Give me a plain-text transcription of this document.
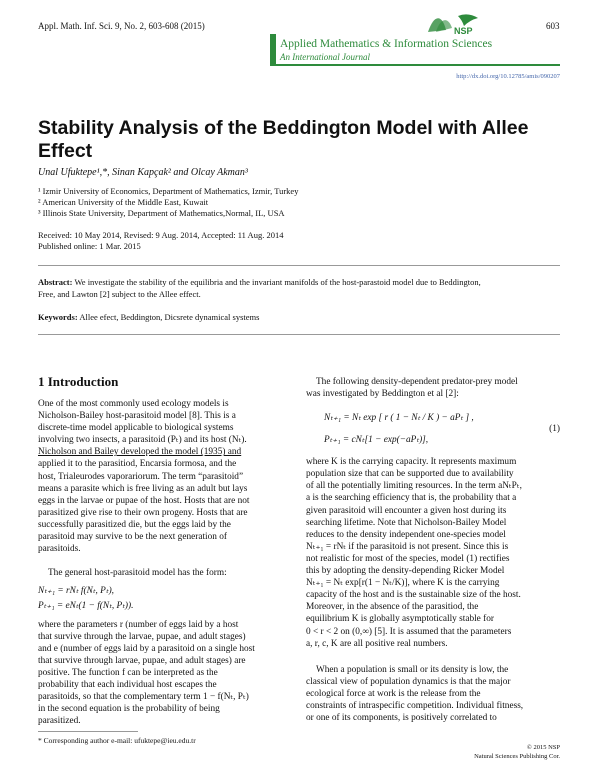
Appl. Math. Inf. Sci. 9, No. 2, 603-608 (2015)	NSP	603
Applied Mathematics & Information Sciences
An International Journal
http://dx.doi.org/10.12785/amis/090207
Stability Analysis of the Beddington Model with Allee
Effect
Unal Ufuktepe¹,*, Sinan Kapçak² and Olcay Akman³
¹ Izmir University of Economics, Department of Mathematics, Izmir, Turkey
² American University of the Middle East, Kuwait
³ Illinois State University, Department of Mathematics,Normal, IL, USA
Received: 10 May 2014, Revised: 9 Aug. 2014, Accepted: 11 Aug. 2014
Published online: 1 Mar. 2015
Abstract: We investigate the stability of the equilibria and the invariant manifolds of the host-parastoid model due to Beddington,
Free, and Lawton [2] subject to the Allee effect.
Keywords: Allee efect, Beddington, Dicsrete dynamical systems
1 Introduction
One of the most commonly used ecology models is
Nicholson-Bailey host-parasitoid model [8]. This is a
discrete-time model applicable to biological systems
involving two insects, a parasitoid (Pₜ) and its host (Nₜ).
Nicholson and Bailey developed the model (1935) and
applied it to the parasitiod, Encarsia formosa, and the
host, Trialeurodes vaporariorum. The term “parasitoid”
means a parasite which is free living as an adult but lays
eggs in the larvae or pupae of the host. Hosts that are not
parasitized give rise to their own progeny. Hosts that are
successfully parasitized die, but the eggs laid by the
parasitoid may survive to be the next generation of
parasitoids.
The general host-parasitoid model has the form:
Nₜ₊₁ = rNₜ f(Nₜ, Pₜ),
Pₜ₊₁ = eNₜ(1 − f(Nₜ, Pₜ)).
where the parameters r (number of eggs laid by a host
that survive through the larvae, pupae, and adult stages)
and e (number of eggs laid by a parasitoid on a single host
that survive through larvae, pupae, and adult stages) are
positive. The function f can be interpreted as the
probability that each individual host escapes the
parasitoids, so that the complementary term 1 − f(Nₜ, Pₜ)
in the second equation is the probability of being
parasitized.
The following density-dependent predator-prey model
was investigated by Beddington et al [2]:
Nₜ₊₁ = Nₜ exp [ r ( 1 − Nₜ / K ) − aPₜ ] ,
Pₜ₊₁ = cNₜ[1 − exp(−aPₜ)],
(1)
where K is the carrying capacity. It represents maximum
population size that can be supported due to availability
of all the potentially limiting resources. In the term aNₜPₜ,
a is the searching efficiency that is, the probability that a
given parasitoid will encounter a given host during its
searching lifetime. Note that Nicholson-Bailey Model
reduces to the density independent one-species model
Nₜ₊₁ = rNₜ if the parasitoid is not present. Since this is
not realistic for most of the species, model (1) rectifies
this by adopting the density-depending Ricker Model
Nₜ₊₁ = Nₜ exp[r(1 − Nₜ/K)], where K is the carrying
capacity of the host and is the sustainable size of the host.
Moreover, in the absence of the parasitiod, the
equilibrium K is globally asymptotically stable for
0 < r < 2 on (0,∞) [5]. It is assumed that the parameters
a, r, c, K are all positive real numbers.
When a population is small or its density is low, the
classical view of population dynamics is that the major
ecological force at work is the release from the
constraints of intraspecific competition. Individual fitness,
or one of its components, is positively correlated to
* Corresponding author e-mail: ufuktepe@ieu.edu.tr
© 2015 NSP
Natural Sciences Publishing Cor.
